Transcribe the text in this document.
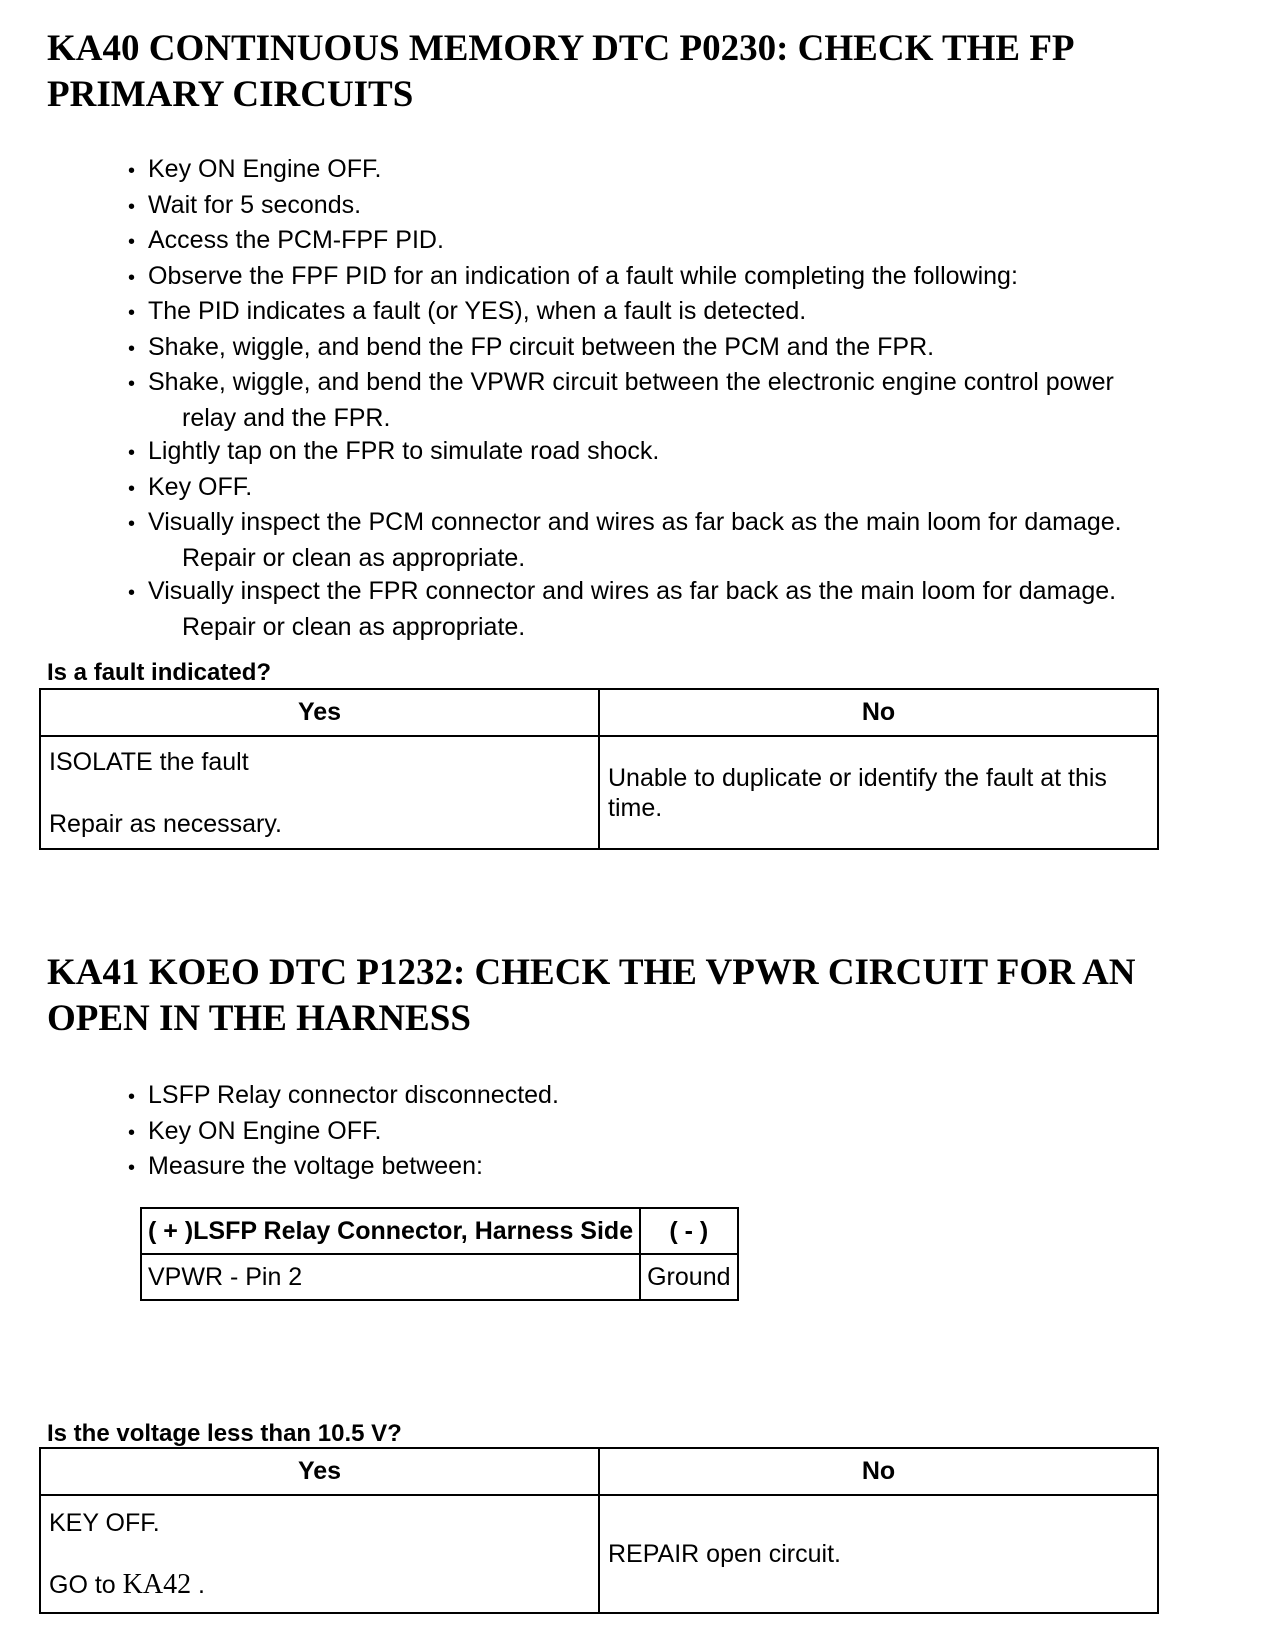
KA40 CONTINUOUS MEMORY DTC P0230: CHECK THE FP PRIMARY CIRCUITS
• Key ON Engine OFF.
• Wait for 5 seconds.
• Access the PCM-FPF PID.
• Observe the FPF PID for an indication of a fault while completing the following:
• The PID indicates a fault (or YES), when a fault is detected.
• Shake, wiggle, and bend the FP circuit between the PCM and the FPR.
• Shake, wiggle, and bend the VPWR circuit between the electronic engine control power
relay and the FPR.
• Lightly tap on the FPR to simulate road shock.
• Key OFF.
• Visually inspect the PCM connector and wires as far back as the main loom for damage.
Repair or clean as appropriate.
• Visually inspect the FPR connector and wires as far back as the main loom for damage.
Repair or clean as appropriate.

Is a fault indicated?

Yes	No

ISOLATE the fault
Repair as necessary.	Unable to duplicate or identify the fault at this time.
KA41 KOEO DTC P1232: CHECK THE VPWR CIRCUIT FOR AN OPEN IN THE HARNESS
• LSFP Relay connector disconnected.
• Key ON Engine OFF.
• Measure the voltage between:
( + )LSFP Relay Connector, Harness Side	( - )
VPWR - Pin 2	Ground

Is the voltage less than 10.5 V?

Yes	No

KEY OFF.
GO to KA42 .	REPAIR open circuit.
